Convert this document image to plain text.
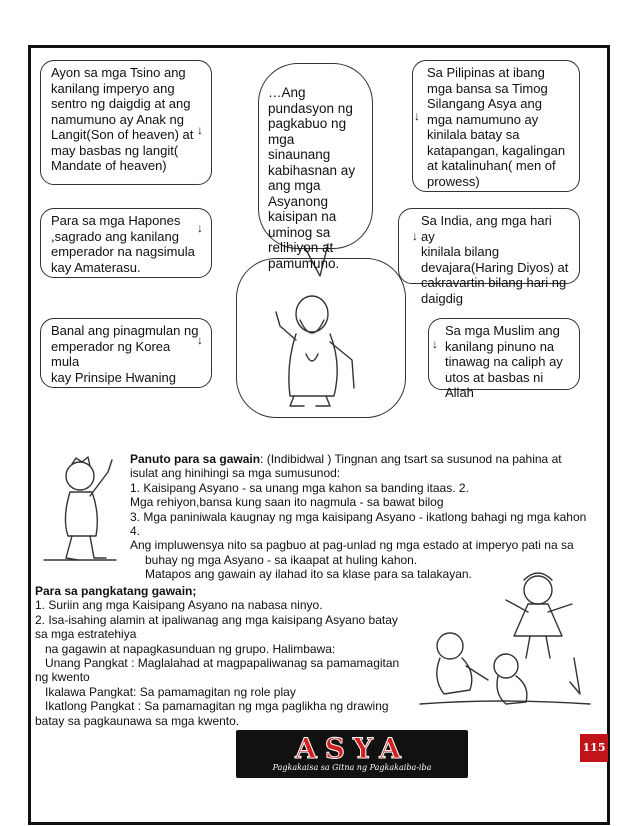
Ayon sa mga Tsino ang
kanilang imperyo ang
sentro ng daigdig at ang
namumuno ay Anak ng
Langit(Son of heaven) at
may basbas ng langit(
Mandate of heaven)
↓
Para sa mga Hapones
,sagrado ang kanilang
emperador na nagsimula
kay Amaterasu.
↓
Banal ang pinagmulan ng
emperador ng Korea mula
kay Prinsipe Hwaning
↓
Sa Pilipinas at ibang
mga bansa sa Timog
Silangang Asya ang
mga namumuno ay
kinilala batay sa
katapangan, kagalingan
at katalinuhan( men of
prowess)
↓
Sa India, ang mga hari ay
kinilala bilang
devajara(Haring Diyos) at
cakravartin bilang hari ng
daigdig
↓
Sa mga Muslim ang
kanilang pinuno na
tinawag na caliph ay
utos at basbas ni Allah
↓
…Ang
pundasyon ng
pagkabuo ng
mga sinaunang
kabihasnan ay
ang mga
Asyanong
kaisipan na
uminog sa
relihiyon at
pamumuno.
Panuto para sa gawain: (Indibidwal ) Tingnan ang tsart sa susunod na pahina at isulat ang hinihingi sa mga sumusunod:
1. Kaisipang Asyano - sa unang mga kahon sa banding itaas. 2.
Mga rehiyon,bansa kung saan ito nagmula - sa bawat bilog
3. Mga paniniwala kaugnay ng mga kaisipang Asyano - ikatlong bahagi ng mga kahon 4.
Ang impluwensya nito sa pagbuo at pag-unlad ng mga estado at imperyo pati na sa
buhay ng mga Asyano - sa ikaapat at huling kahon.
Matapos ang gawain ay ilahad ito sa klase para sa talakayan.
Para sa pangkatang gawain;
1. Suriin ang mga Kaisipang Asyano na nabasa ninyo.
2. Isa-isahing alamin at ipaliwanag ang mga kaisipang Asyano batay sa mga estratehiya
na gagawin at napagkasunduan ng grupo. Halimbawa:
Unang Pangkat : Maglalahad at magpapaliwanag sa pamamagitan
ng kwento
Ikalawa Pangkat: Sa pamamagitan ng role play
Ikatlong Pangkat : Sa pamamagitan ng mga paglikha ng drawing
batay sa pagkaunawa sa mga kwento.
ASYA
Pagkakaisa sa Gitna ng Pagkakaiba-iba
115
